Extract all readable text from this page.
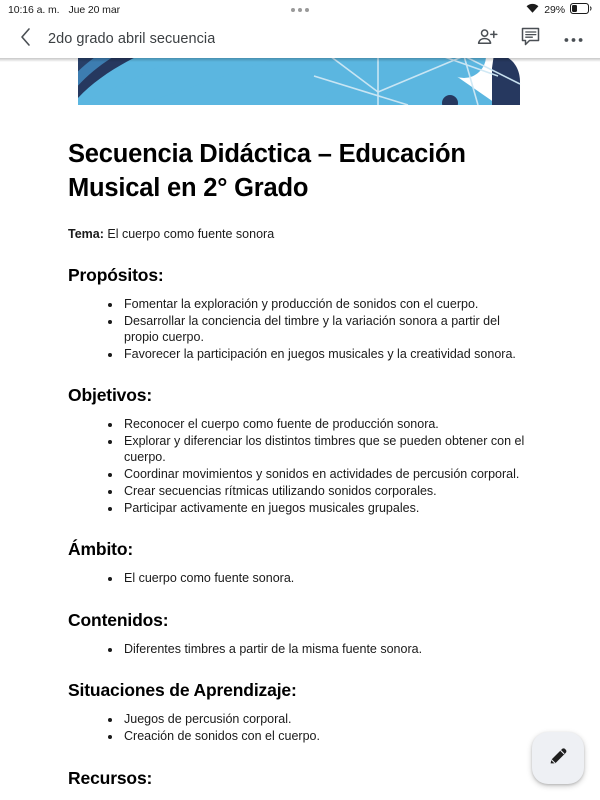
10:16 a. m. Jue 20 mar	29%
2do grado abril secuencia
Secuencia Didáctica – Educación Musical en 2° Grado

Tema: El cuerpo como fuente sonora

Propósitos:
Fomentar la exploración y producción de sonidos con el cuerpo.
Desarrollar la conciencia del timbre y la variación sonora a partir del propio cuerpo.
Favorecer la participación en juegos musicales y la creatividad sonora.
Objetivos:
Reconocer el cuerpo como fuente de producción sonora.
Explorar y diferenciar los distintos timbres que se pueden obtener con el cuerpo.
Coordinar movimientos y sonidos en actividades de percusión corporal.
Crear secuencias rítmicas utilizando sonidos corporales.
Participar activamente en juegos musicales grupales.
Ámbito:
El cuerpo como fuente sonora.
Contenidos:
Diferentes timbres a partir de la misma fuente sonora.
Situaciones de Aprendizaje:
Juegos de percusión corporal.
Creación de sonidos con el cuerpo.
Recursos:
